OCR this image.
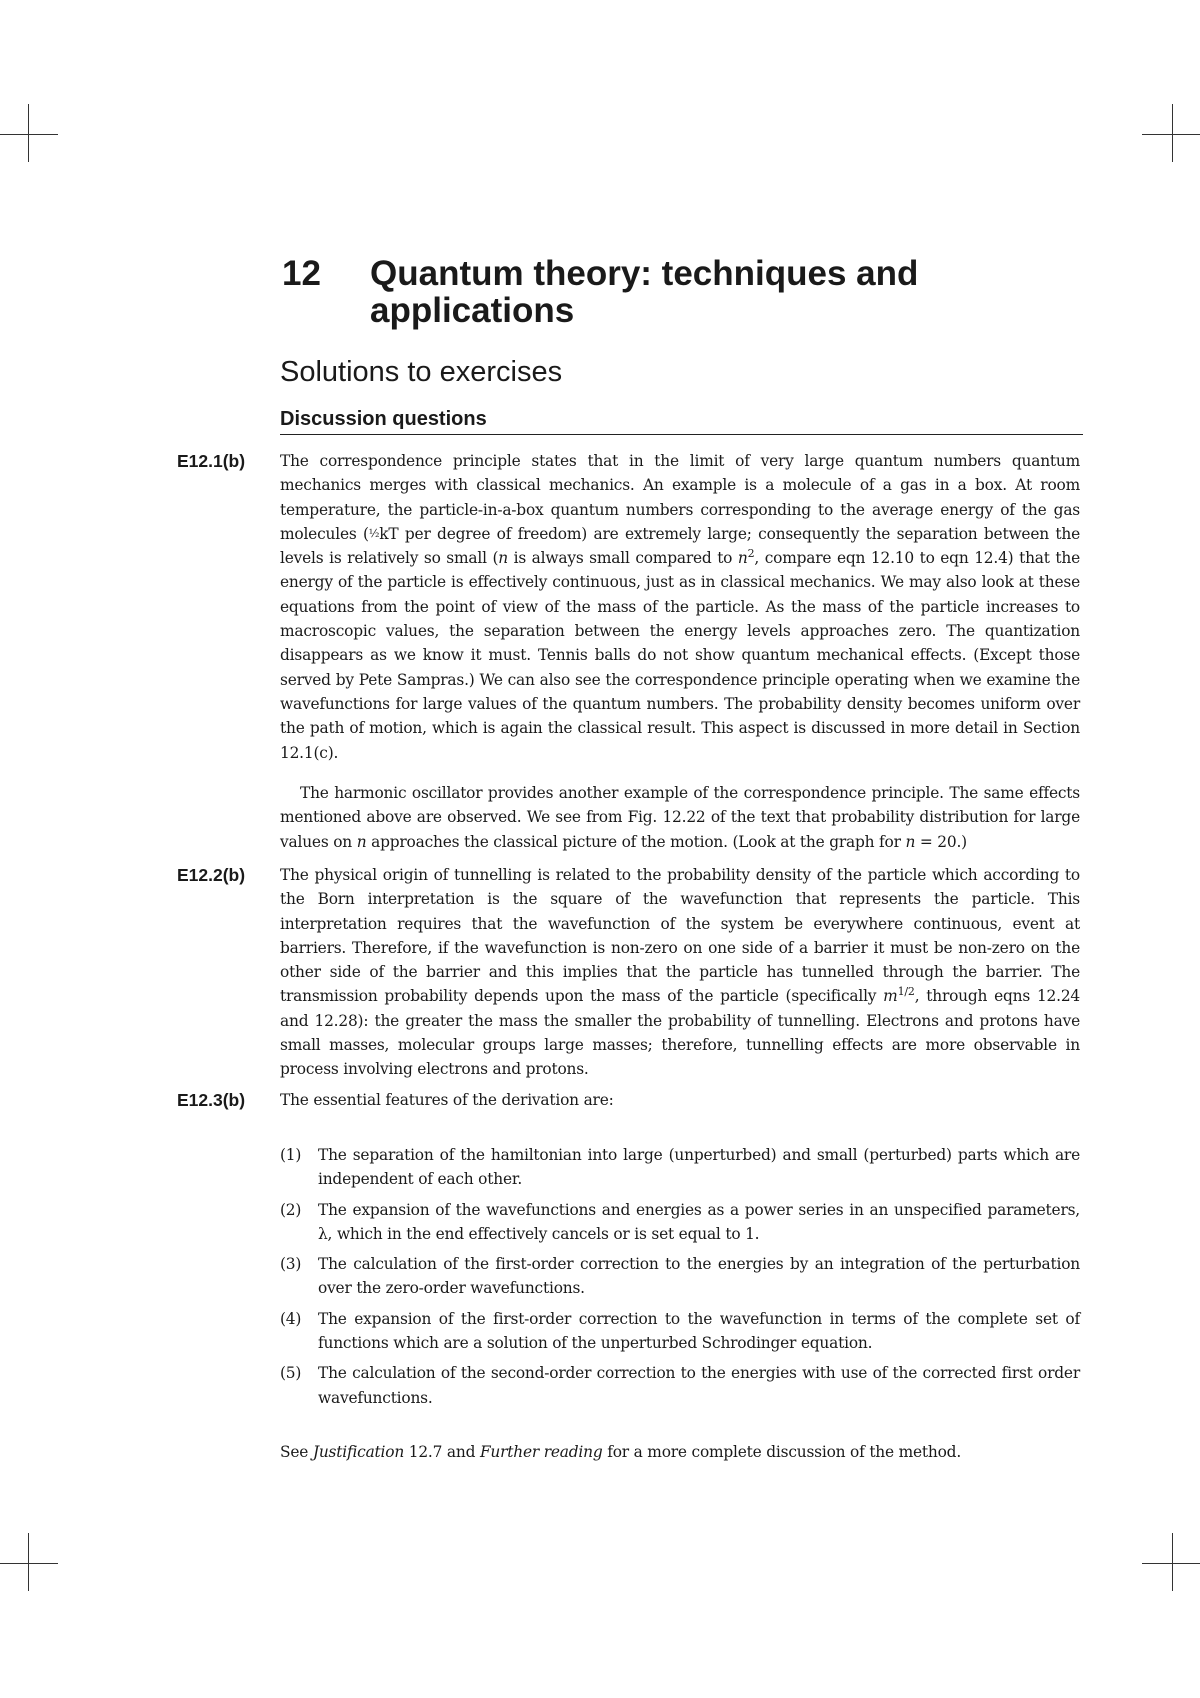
12 Quantum theory: techniques and applications
Solutions to exercises
Discussion questions
E12.1(b) The correspondence principle states that in the limit of very large quantum numbers quantum mechanics merges with classical mechanics. An example is a molecule of a gas in a box. At room temperature, the particle-in-a-box quantum numbers corresponding to the average energy of the gas molecules (½kT per degree of freedom) are extremely large; consequently the separation between the levels is relatively so small (n is always small compared to $n^2$, compare eqn 12.10 to eqn 12.4) that the energy of the particle is effectively continuous, just as in classical mechanics. We may also look at these equations from the point of view of the mass of the particle. As the mass of the particle increases to macroscopic values, the separation between the energy levels approaches zero. The quantization disappears as we know it must. Tennis balls do not show quantum mechanical effects. (Except those served by Pete Sampras.) We can also see the correspondence principle operating when we examine the wavefunctions for large values of the quantum numbers. The probability density becomes uniform over the path of motion, which is again the classical result. This aspect is discussed in more detail in Section 12.1(c).
The harmonic oscillator provides another example of the correspondence principle. The same effects mentioned above are observed. We see from Fig. 12.22 of the text that probability distribution for large values on n approaches the classical picture of the motion. (Look at the graph for n = 20.)
E12.2(b) The physical origin of tunnelling is related to the probability density of the particle which according to the Born interpretation is the square of the wavefunction that represents the particle. This interpretation requires that the wavefunction of the system be everywhere continuous, event at barriers. Therefore, if the wavefunction is non-zero on one side of a barrier it must be non-zero on the other side of the barrier and this implies that the particle has tunnelled through the barrier. The transmission probability depends upon the mass of the particle (specifically $m^{1/2}$, through eqns 12.24 and 12.28): the greater the mass the smaller the probability of tunnelling. Electrons and protons have small masses, molecular groups large masses; therefore, tunnelling effects are more observable in process involving electrons and protons.
E12.3(b) The essential features of the derivation are:
(1) The separation of the hamiltonian into large (unperturbed) and small (perturbed) parts which are independent of each other.
(2) The expansion of the wavefunctions and energies as a power series in an unspecified parameters, λ, which in the end effectively cancels or is set equal to 1.
(3) The calculation of the first-order correction to the energies by an integration of the perturbation over the zero-order wavefunctions.
(4) The expansion of the first-order correction to the wavefunction in terms of the complete set of functions which are a solution of the unperturbed Schrodinger equation.
(5) The calculation of the second-order correction to the energies with use of the corrected first order wavefunctions.
See Justification 12.7 and Further reading for a more complete discussion of the method.
